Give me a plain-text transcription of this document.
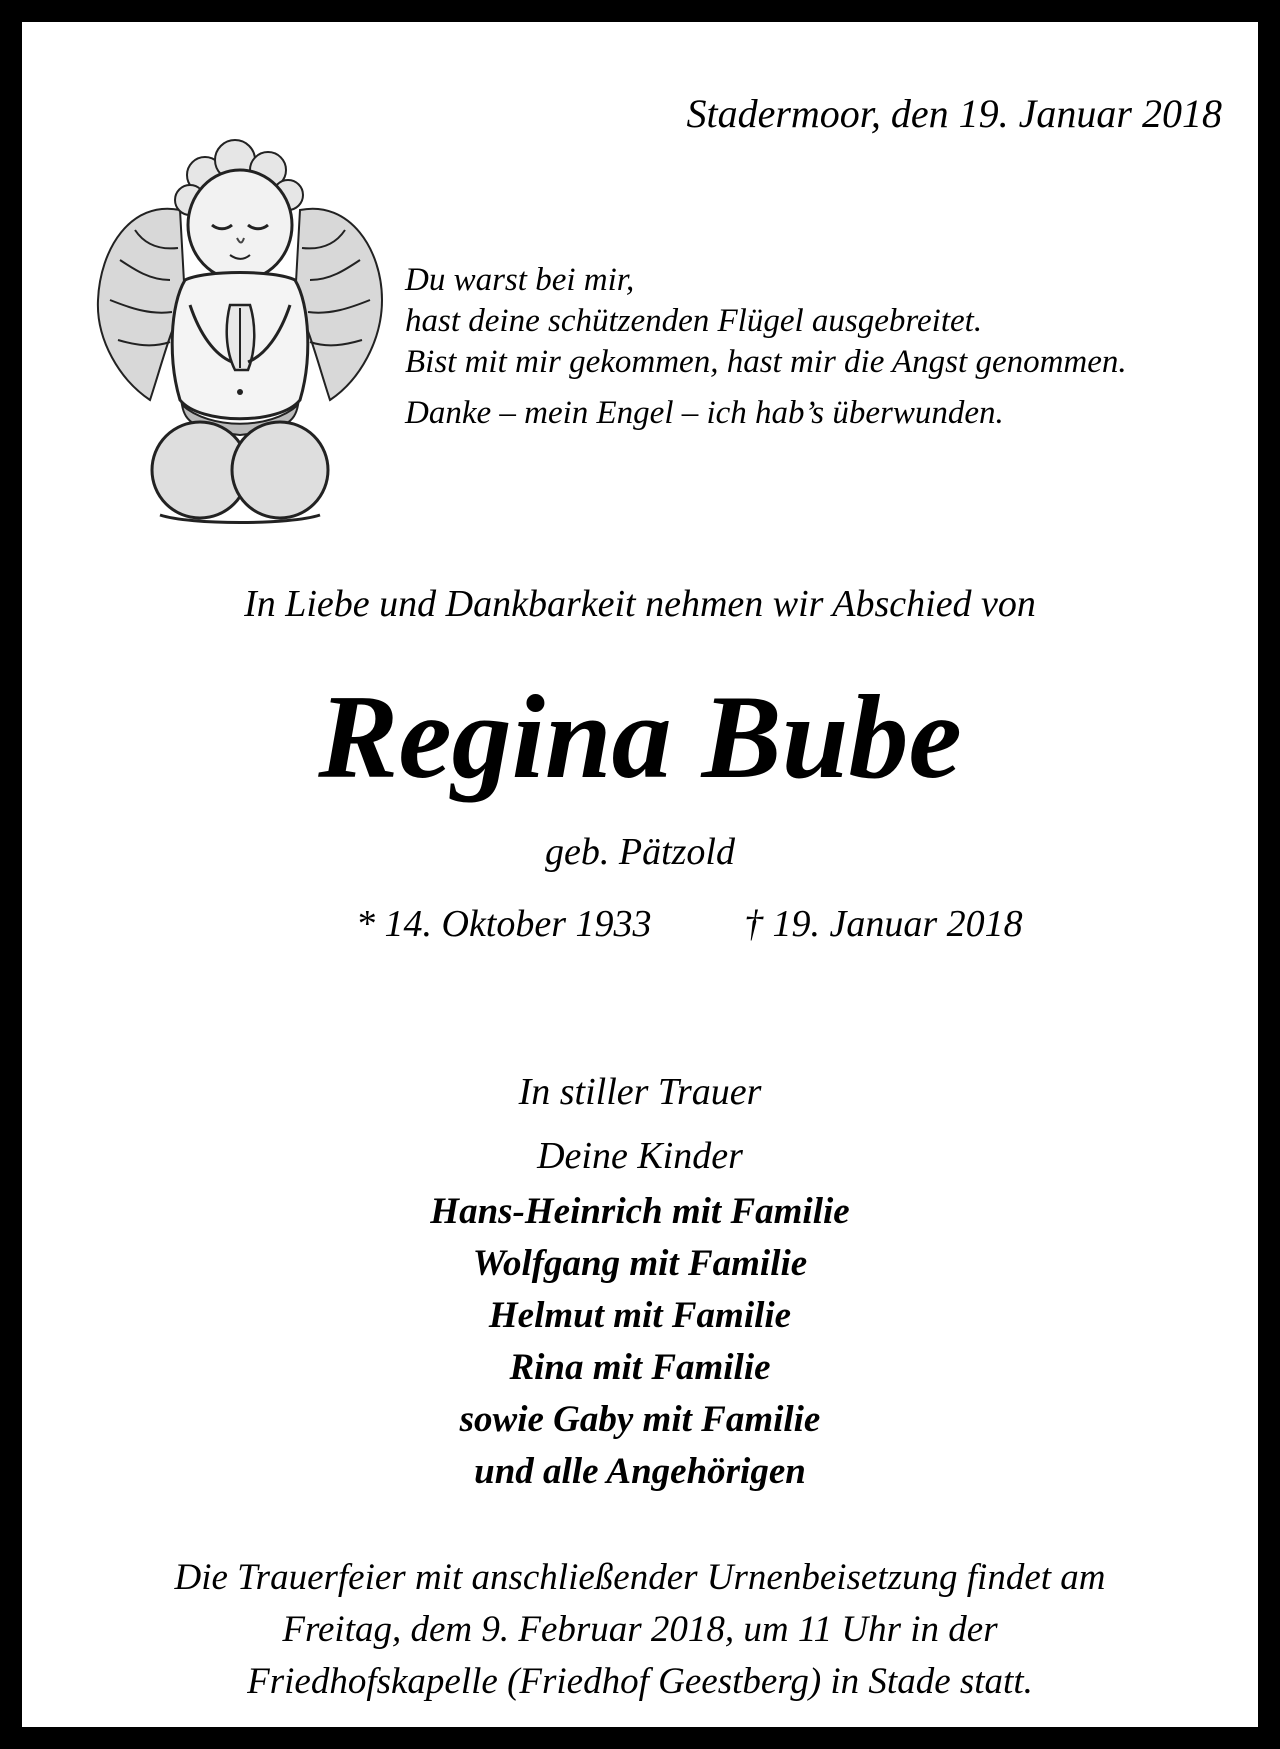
Stadermoor, den 19. Januar 2018
Du warst bei mir,
hast deine schützenden Flügel ausgebreitet.
Bist mit mir gekommen, hast mir die Angst genommen.
Danke – mein Engel – ich hab’s überwunden.
In Liebe und Dankbarkeit nehmen wir Abschied von
Regina Bube
geb. Pätzold
* 14. Oktober 1933 † 19. Januar 2018
In stiller Trauer
Deine Kinder
Hans-Heinrich mit Familie
Wolfgang mit Familie
Helmut mit Familie
Rina mit Familie
sowie Gaby mit Familie
und alle Angehörigen
Die Trauerfeier mit anschließender Urnenbeisetzung findet am
Freitag, dem 9. Februar 2018, um 11 Uhr in der
Friedhofskapelle (Friedhof Geestberg) in Stade statt.
